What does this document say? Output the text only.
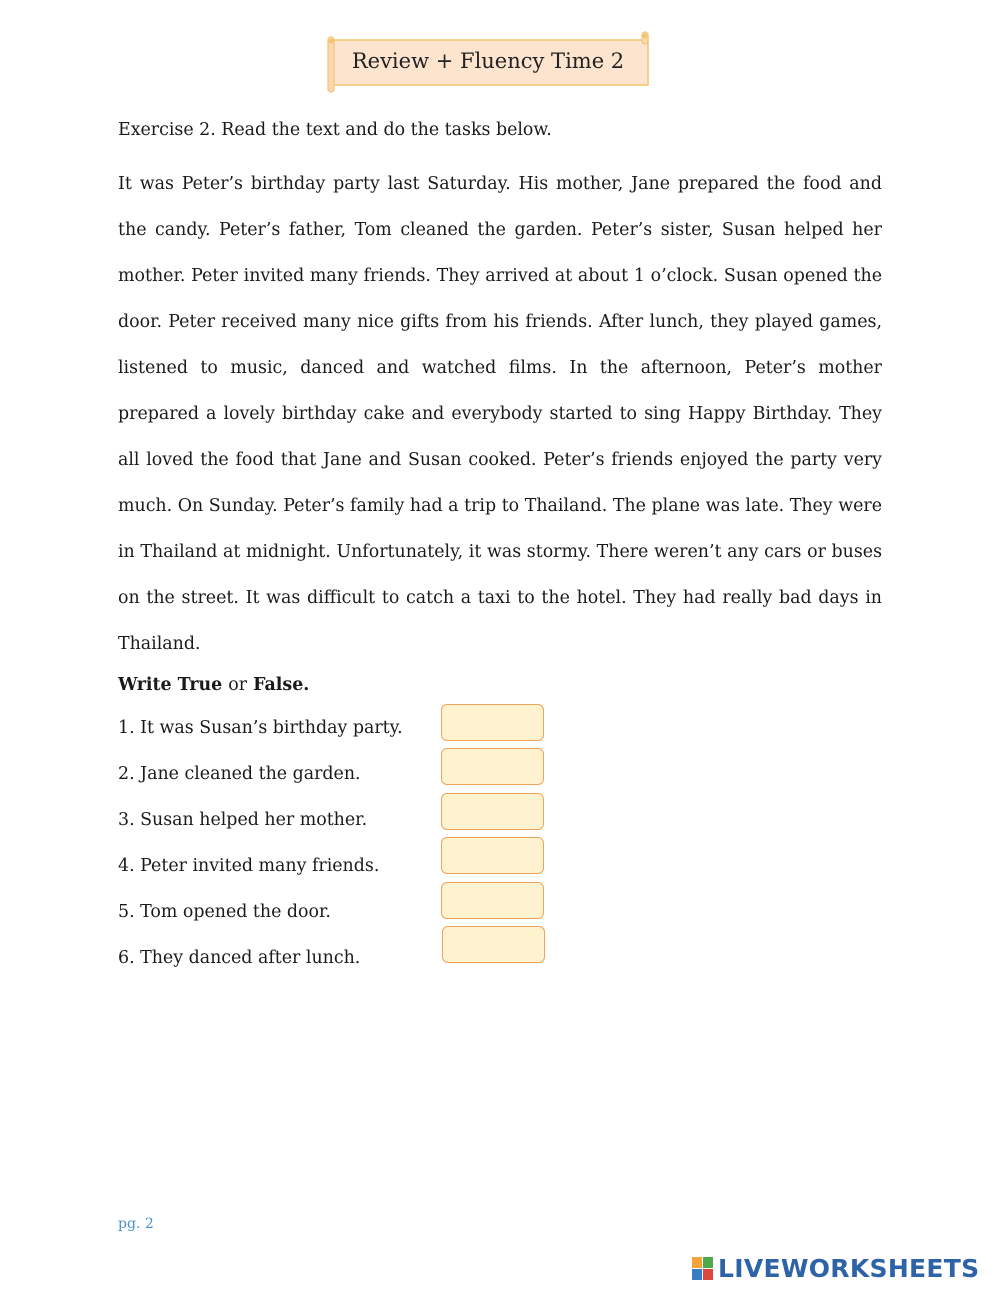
Review + Fluency Time 2
Exercise 2. Read the text and do the tasks below.

It was Peter’s birthday party last Saturday. His mother, Jane prepared the food and the candy. Peter’s father, Tom cleaned the garden. Peter’s sister, Susan helped her mother. Peter invited many friends. They arrived at about 1 o’clock. Susan opened the door. Peter received many nice gifts from his friends. After lunch, they played games, listened to music, danced and watched films. In the afternoon, Peter’s mother prepared a lovely birthday cake and everybody started to sing Happy Birthday. They all loved the food that Jane and Susan cooked. Peter’s friends enjoyed the party very much. On Sunday. Peter’s family had a trip to Thailand. The plane was late. They were in Thailand at midnight. Unfortunately, it was stormy. There weren’t any cars or buses on the street. It was difficult to catch a taxi to the hotel. They had really bad days in Thailand.

Write True or False.
1. It was Susan’s birthday party.
2. Jane cleaned the garden.
3. Susan helped her mother.
4. Peter invited many friends.
5. Tom opened the door.
6. They danced after lunch.
pg. 2
LIVEWORKSHEETS
